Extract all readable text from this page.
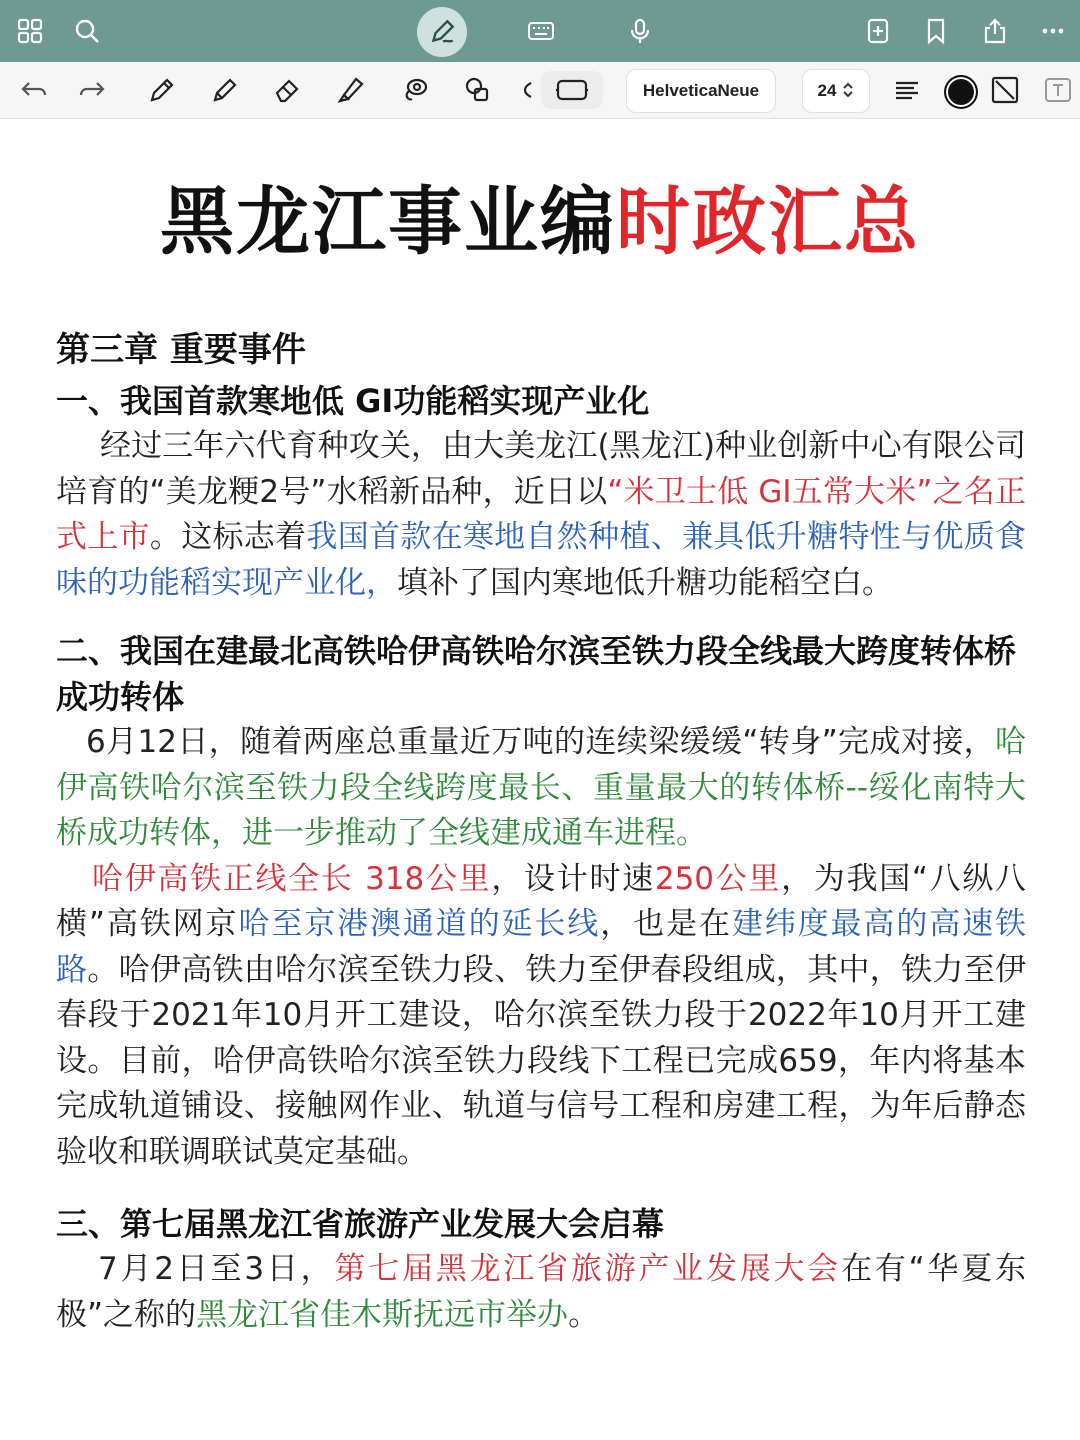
HelveticaNeue	24
黑龙江事业编时政汇总
第三章 重要事件
一、我国首款寒地低 GI功能稻实现产业化

经过三年六代育种攻关，由大美龙江(黑龙江)种业创新中心有限公司培育的“美龙粳2号”水稻新品种，近日以“米卫士低 GI五常大米”之名正式上市。这标志着我国首款在寒地自然种植、兼具低升糖特性与优质食味的功能稻实现产业化，填补了国内寒地低升糖功能稻空白。

二、我国在建最北高铁哈伊高铁哈尔滨至铁力段全线最大跨度转体桥成功转体

6月12日，随着两座总重量近万吨的连续梁缓缓“转身”完成对接，哈伊高铁哈尔滨至铁力段全线跨度最长、重量最大的转体桥--绥化南特大桥成功转体，进一步推动了全线建成通车进程。

哈伊高铁正线全长 318公里，设计时速250公里，为我国“八纵八横”高铁网京哈至京港澳通道的延长线，也是在建纬度最高的高速铁路。哈伊高铁由哈尔滨至铁力段、铁力至伊春段组成，其中，铁力至伊春段于2021年10月开工建设，哈尔滨至铁力段于2022年10月开工建设。目前，哈伊高铁哈尔滨至铁力段线下工程已完成659，年内将基本完成轨道铺设、接触网作业、轨道与信号工程和房建工程，为年后静态验收和联调联试莫定基础。

三、第七届黑龙江省旅游产业发展大会启幕

7月2日至3日，第七届黑龙江省旅游产业发展大会在有“华夏东极”之称的黑龙江省佳木斯抚远市举办。
